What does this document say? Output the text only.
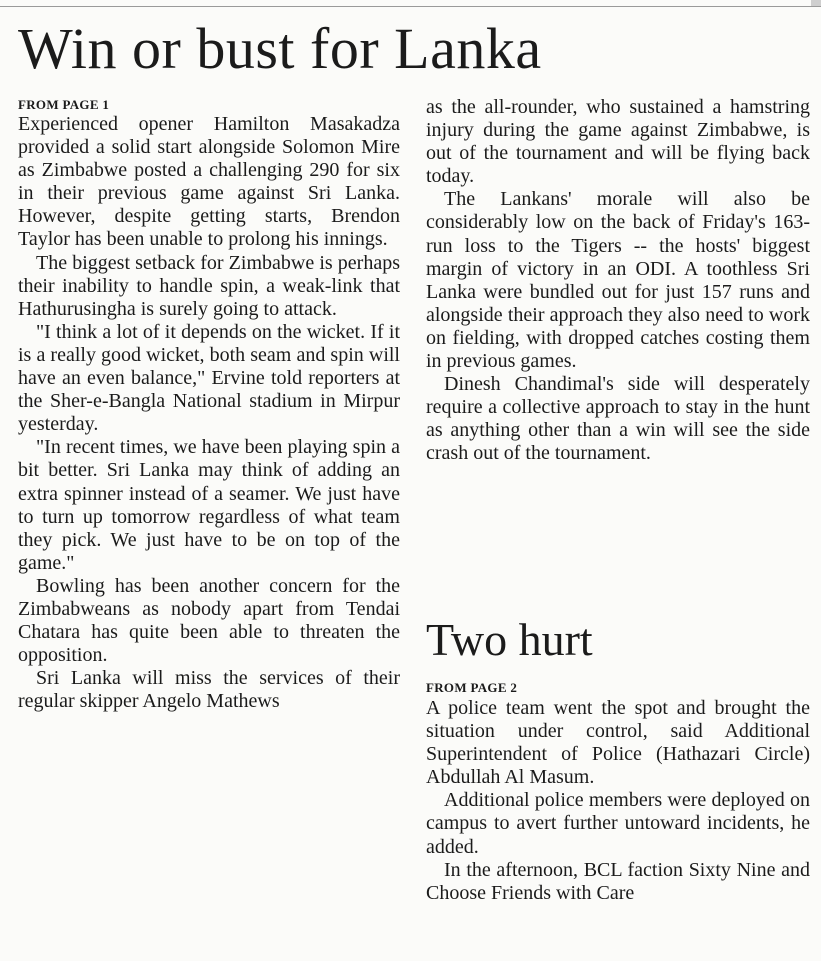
Win or bust for Lanka

FROM PAGE 1

Experienced opener Hamilton Masakadza provided a solid start alongside Solomon Mire as Zimbabwe posted a challenging 290 for six in their previous game against Sri Lanka. However, despite getting starts, Brendon Taylor has been unable to prolong his innings.

The biggest setback for Zimbabwe is perhaps their inability to handle spin, a weak-link that Hathurusingha is surely going to attack.

"I think a lot of it depends on the wicket. If it is a really good wicket, both seam and spin will have an even balance," Ervine told reporters at the Sher-e-Bangla National stadium in Mirpur yesterday.

"In recent times, we have been playing spin a bit better. Sri Lanka may think of adding an extra spinner instead of a seamer. We just have to turn up tomorrow regardless of what team they pick. We just have to be on top of the game."

Bowling has been another concern for the Zimbabweans as nobody apart from Tendai Chatara has quite been able to threaten the opposition.

Sri Lanka will miss the services of their regular skipper Angelo Mathews

as the all-rounder, who sustained a hamstring injury during the game against Zimbabwe, is out of the tournament and will be flying back today.

The Lankans' morale will also be considerably low on the back of Friday's 163-run loss to the Tigers -- the hosts' biggest margin of victory in an ODI. A toothless Sri Lanka were bundled out for just 157 runs and alongside their approach they also need to work on fielding, with dropped catches costing them in previous games.

Dinesh Chandimal's side will desperately require a collective approach to stay in the hunt as anything other than a win will see the side crash out of the tournament.

Two hurt

FROM PAGE 2

A police team went the spot and brought the situation under control, said Additional Superintendent of Police (Hathazari Circle) Abdullah Al Masum.

Additional police members were deployed on campus to avert further untoward incidents, he added.

In the afternoon, BCL faction Sixty Nine and Choose Friends with Care
